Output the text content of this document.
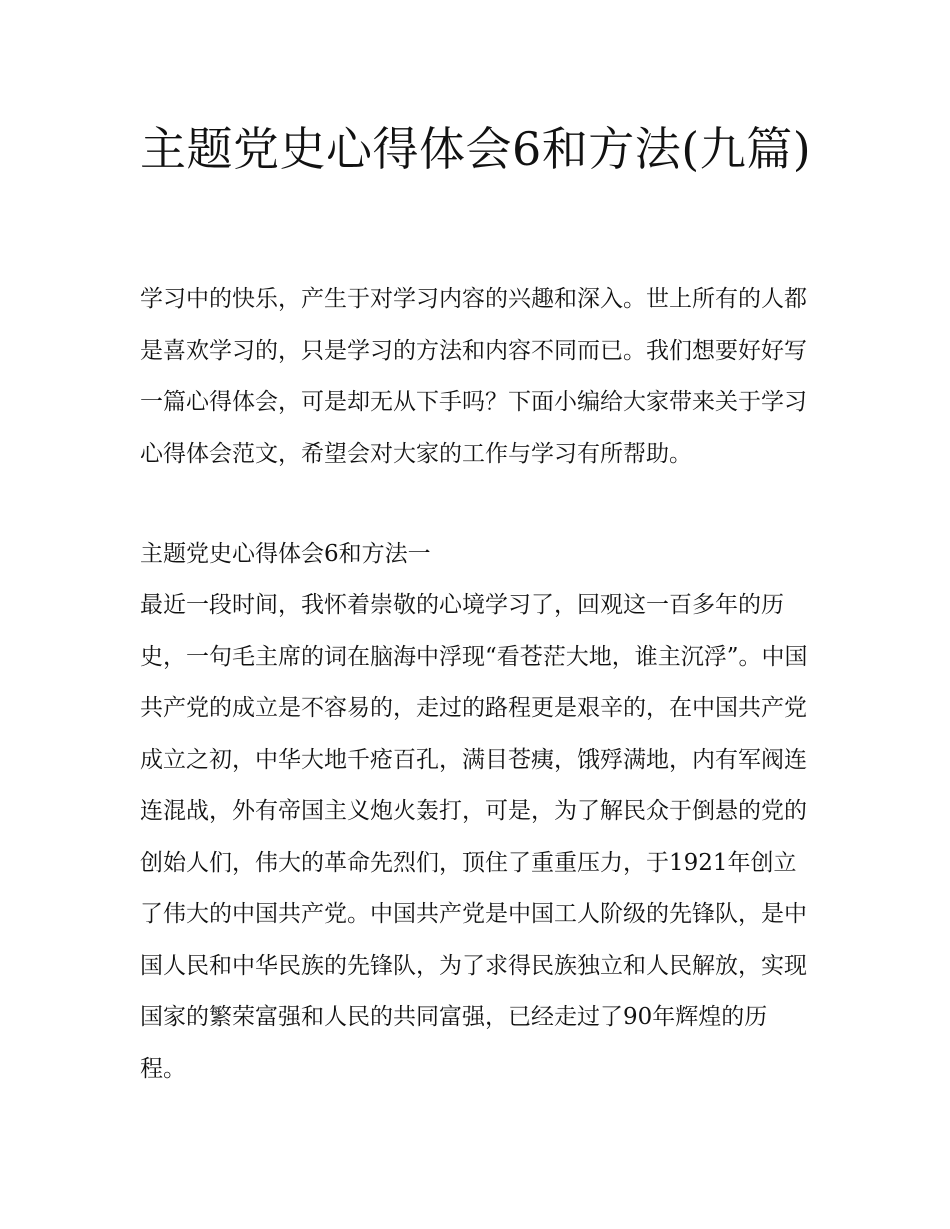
主题党史心得体会6和方法(九篇)

学习中的快乐，产生于对学习内容的兴趣和深入。世上所有的人都是喜欢学习的，只是学习的方法和内容不同而已。我们想要好好写一篇心得体会，可是却无从下手吗？下面小编给大家带来关于学习心得体会范文，希望会对大家的工作与学习有所帮助。

主题党史心得体会6和方法一

最近一段时间，我怀着崇敬的心境学习了，回观这一百多年的历史，一句毛主席的词在脑海中浮现“看苍茫大地，谁主沉浮”。中国共产党的成立是不容易的，走过的路程更是艰辛的，在中国共产党成立之初，中华大地千疮百孔，满目苍痍，饿殍满地，内有军阀连连混战，外有帝国主义炮火轰打，可是，为了解民众于倒悬的党的创始人们，伟大的革命先烈们，顶住了重重压力，于1921年创立了伟大的中国共产党。中国共产党是中国工人阶级的先锋队，是中国人民和中华民族的先锋队，为了求得民族独立和人民解放，实现国家的繁荣富强和人民的共同富强，已经走过了90年辉煌的历程。
